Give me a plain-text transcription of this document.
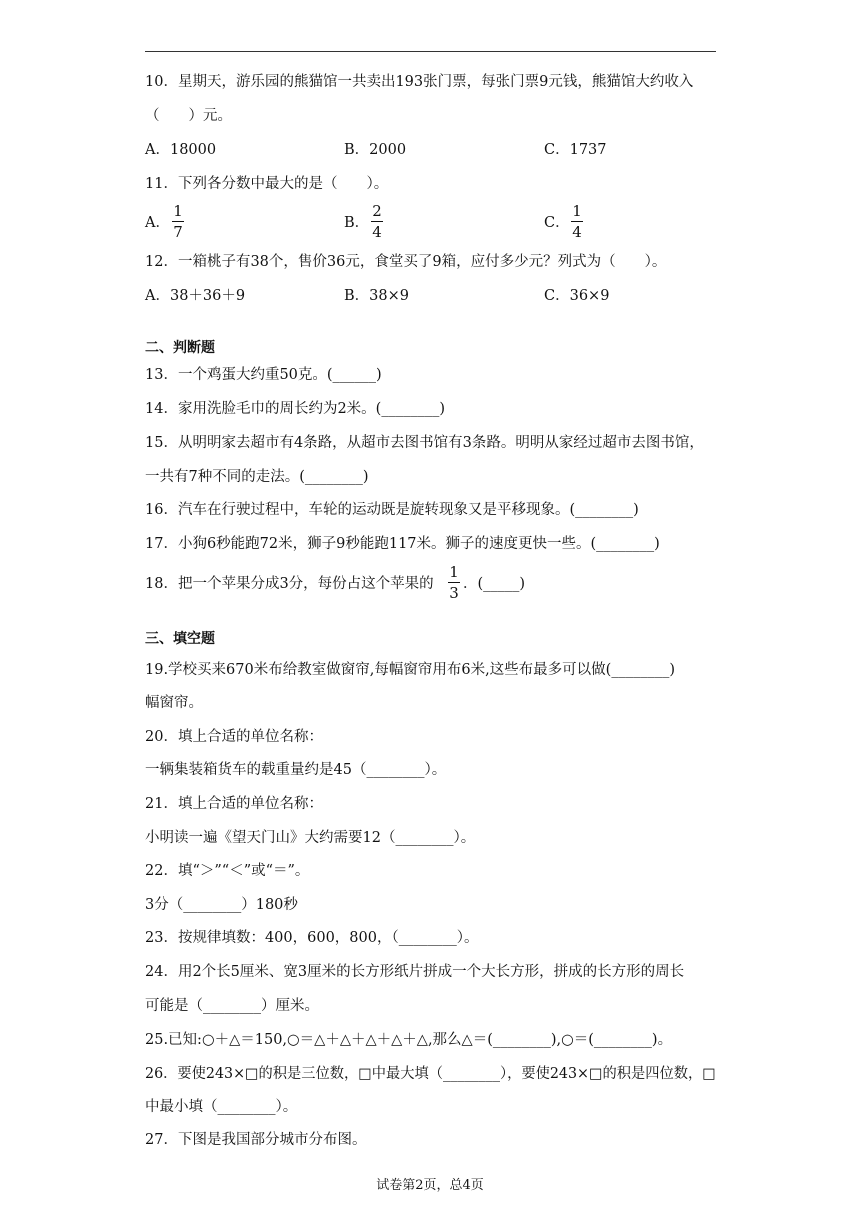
10．星期天，游乐园的熊猫馆一共卖出193张门票，每张门票9元钱，熊猫馆大约收入
（　　）元。
A．18000	B．2000	C．1737
11．下列各分数中最大的是（　　）。
A．
1
7	B．
2
4	C．
1
4
12．一箱桃子有38个，售价36元，食堂买了9箱，应付多少元？列式为（　　）。
A．38＋36＋9	B．38×9	C．36×9
二、判断题
13．一个鸡蛋大约重50克。(______)
14．家用洗脸毛巾的周长约为2米。(________)
15．从明明家去超市有4条路，从超市去图书馆有3条路。明明从家经过超市去图书馆，
一共有7种不同的走法。(________)
16．汽车在行驶过程中，车轮的运动既是旋转现象又是平移现象。(________)
17．小狗6秒能跑72米，狮子9秒能跑117米。狮子的速度更快一些。(________)
18．把一个苹果分成3分，每份占这个苹果的
1
3 ．(_____)
三、填空题
19.学校买来670米布给教室做窗帘,每幅窗帘用布6米,这些布最多可以做(________)
幅窗帘。
20．填上合适的单位名称：
一辆集装箱货车的载重量约是45（________）。
21．填上合适的单位名称：
小明读一遍《望天门山》大约需要12（________）。
22．填“＞”“＜”或“＝”。
3分（________）180秒
23．按规律填数：400，600，800，（________）。
24．用2个长5厘米、宽3厘米的长方形纸片拼成一个大长方形，拼成的长方形的周长
可能是（________）厘米。
25.已知:○＋△＝150,○＝△＋△＋△＋△＋△,那么△＝(________),○＝(________)。
26．要使243×□的积是三位数，□中最大填（________），要使243×□的积是四位数，□
中最小填（________）。
27．下图是我国部分城市分布图。
试卷第2页，总4页
